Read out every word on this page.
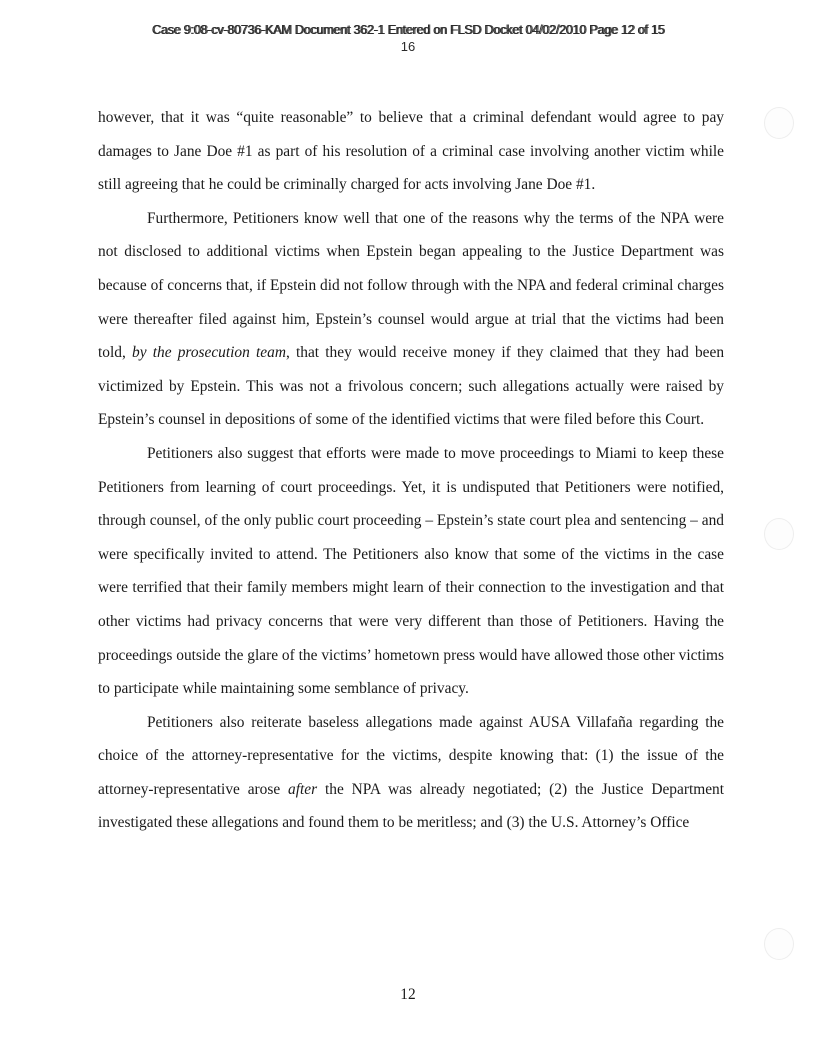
Case 9:08-cv-80736-KAM Document 362-1 Entered on FLSD Docket 04/02/2010 Page 12 of 15
16

however, that it was “quite reasonable” to believe that a criminal defendant would agree to pay damages to Jane Doe #1 as part of his resolution of a criminal case involving another victim while still agreeing that he could be criminally charged for acts involving Jane Doe #1.

Furthermore, Petitioners know well that one of the reasons why the terms of the NPA were not disclosed to additional victims when Epstein began appealing to the Justice Department was because of concerns that, if Epstein did not follow through with the NPA and federal criminal charges were thereafter filed against him, Epstein’s counsel would argue at trial that the victims had been told, by the prosecution team, that they would receive money if they claimed that they had been victimized by Epstein. This was not a frivolous concern; such allegations actually were raised by Epstein’s counsel in depositions of some of the identified victims that were filed before this Court.

Petitioners also suggest that efforts were made to move proceedings to Miami to keep these Petitioners from learning of court proceedings. Yet, it is undisputed that Petitioners were notified, through counsel, of the only public court proceeding – Epstein’s state court plea and sentencing – and were specifically invited to attend. The Petitioners also know that some of the victims in the case were terrified that their family members might learn of their connection to the investigation and that other victims had privacy concerns that were very different than those of Petitioners. Having the proceedings outside the glare of the victims’ hometown press would have allowed those other victims to participate while maintaining some semblance of privacy.

Petitioners also reiterate baseless allegations made against AUSA Villafaña regarding the choice of the attorney-representative for the victims, despite knowing that: (1) the issue of the attorney-representative arose after the NPA was already negotiated; (2) the Justice Department investigated these allegations and found them to be meritless; and (3) the U.S. Attorney’s Office

12
